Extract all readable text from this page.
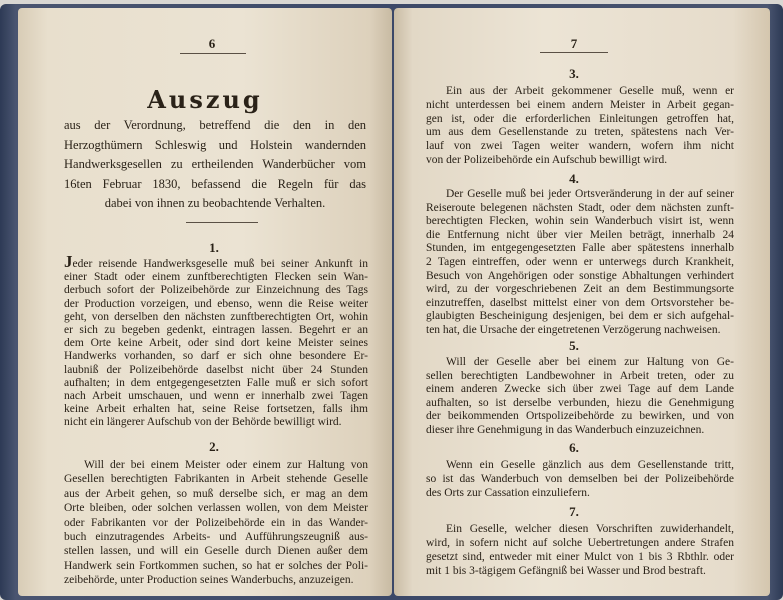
6
Auszug
aus der Verordnung, betreffend die den in den
Herzogthümern Schleswig und Holstein wandernden
Handwerksgesellen zu ertheilenden Wanderbücher vom
16ten Februar 1830, befassend die Regeln für das
dabei von ihnen zu beobachtende Verhalten.
1.
Jeder reisende Handwerksgeselle muß bei seiner Ankunft in
einer Stadt oder einem zunftberechtigten Flecken sein Wan-
derbuch sofort der Polizeibehörde zur Einzeichnung des Tags
der Production vorzeigen, und ebenso, wenn die Reise weiter
geht, von derselben den nächsten zunftberechtigten Ort, wohin
er sich zu begeben gedenkt, eintragen lassen. Begehrt er an
dem Orte keine Arbeit, oder sind dort keine Meister seines
Handwerks vorhanden, so darf er sich ohne besondere Er-
laubniß der Polizeibehörde daselbst nicht über 24 Stunden
aufhalten; in dem entgegengesetzten Falle muß er sich sofort
nach Arbeit umschauen, und wenn er innerhalb zwei Tagen
keine Arbeit erhalten hat, seine Reise fortsetzen, falls ihm
nicht ein längerer Aufschub von der Behörde bewilligt wird.
2.
Will der bei einem Meister oder einem zur Haltung von
Gesellen berechtigten Fabrikanten in Arbeit stehende Geselle
aus der Arbeit gehen, so muß derselbe sich, er mag an dem
Orte bleiben, oder solchen verlassen wollen, von dem Meister
oder Fabrikanten vor der Polizeibehörde ein in das Wander-
buch einzutragendes Arbeits- und Aufführungszeugniß aus-
stellen lassen, und will ein Geselle durch Dienen außer dem
Handwerk sein Fortkommen suchen, so hat er solches der Poli-
zeibehörde, unter Production seines Wanderbuchs, anzuzeigen.
7
3.
Ein aus der Arbeit gekommener Geselle muß, wenn er
nicht unterdessen bei einem andern Meister in Arbeit gegan-
gen ist, oder die erforderlichen Einleitungen getroffen hat,
um aus dem Gesellenstande zu treten, spätestens nach Ver-
lauf von zwei Tagen weiter wandern, wofern ihm nicht
von der Polizeibehörde ein Aufschub bewilligt wird.
4.
Der Geselle muß bei jeder Ortsveränderung in der auf seiner
Reiseroute belegenen nächsten Stadt, oder dem nächsten zunft-
berechtigten Flecken, wohin sein Wanderbuch visirt ist, wenn
die Entfernung nicht über vier Meilen beträgt, innerhalb 24
Stunden, im entgegengesetzten Falle aber spätestens innerhalb
2 Tagen eintreffen, oder wenn er unterwegs durch Krankheit,
Besuch von Angehörigen oder sonstige Abhaltungen verhindert
wird, zu der vorgeschriebenen Zeit an dem Bestimmungsorte
einzutreffen, daselbst mittelst einer von dem Ortsvorsteher be-
glaubigten Bescheinigung desjenigen, bei dem er sich aufgehal-
ten hat, die Ursache der eingetretenen Verzögerung nachweisen.
5.
Will der Geselle aber bei einem zur Haltung von Ge-
sellen berechtigten Landbewohner in Arbeit treten, oder zu
einem anderen Zwecke sich über zwei Tage auf dem Lande
aufhalten, so ist derselbe verbunden, hiezu die Genehmigung
der beikommenden Ortspolizeibehörde zu bewirken, und von
dieser ihre Genehmigung in das Wanderbuch einzuzeichnen.
6.
Wenn ein Geselle gänzlich aus dem Gesellenstande tritt,
so ist das Wanderbuch von demselben bei der Polizeibehörde
des Orts zur Cassation einzuliefern.
7.
Ein Geselle, welcher diesen Vorschriften zuwiderhandelt,
wird, in sofern nicht auf solche Uebertretungen andere Strafen
gesetzt sind, entweder mit einer Mulct von 1 bis 3 Rbthlr. oder
mit 1 bis 3-tägigem Gefängniß bei Wasser und Brod bestraft.
